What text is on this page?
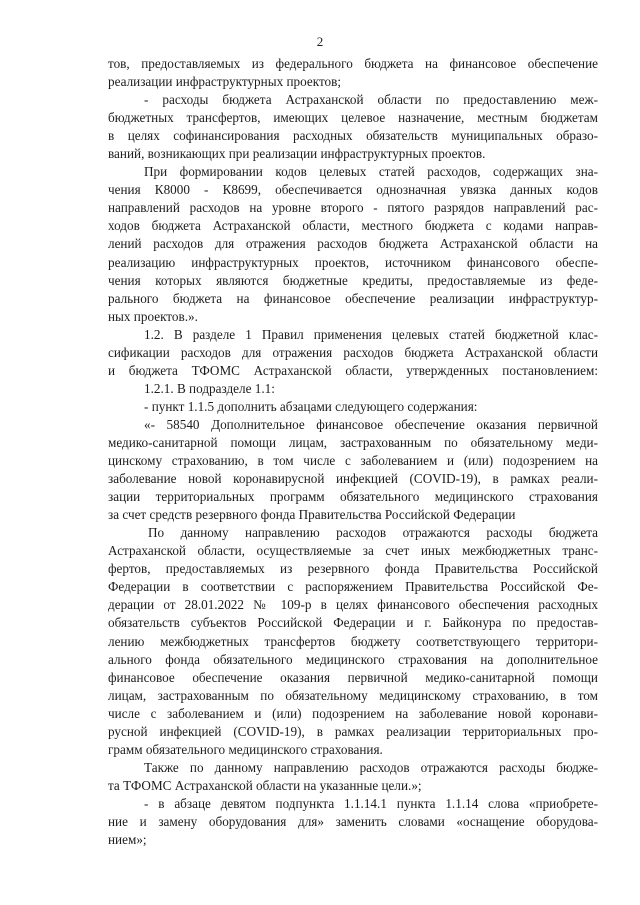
2
тов, предоставляемых из федерального бюджета на финансовое обеспечение
реализации инфраструктурных проектов;
- расходы бюджета Астраханской области по предоставлению меж-
бюджетных трансфертов, имеющих целевое назначение, местным бюджетам
в целях софинансирования расходных обязательств муниципальных образо-
ваний, возникающих при реализации инфраструктурных проектов.
При формировании кодов целевых статей расходов, содержащих зна-
чения К8000 - К8699, обеспечивается однозначная увязка данных кодов
направлений расходов на уровне второго - пятого разрядов направлений рас-
ходов бюджета Астраханской области, местного бюджета с кодами направ-
лений расходов для отражения расходов бюджета Астраханской области на
реализацию инфраструктурных проектов, источником финансового обеспе-
чения которых являются бюджетные кредиты, предоставляемые из феде-
рального бюджета на финансовое обеспечение реализации инфраструктур-
ных проектов.».
1.2. В разделе 1 Правил применения целевых статей бюджетной клас-
сификации расходов для отражения расходов бюджета Астраханской области
и бюджета ТФОМС Астраханской области, утвержденных постановлением:
1.2.1. В подразделе 1.1:
- пункт 1.1.5 дополнить абзацами следующего содержания:
«- 58540 Дополнительное финансовое обеспечение оказания первичной
медико-санитарной помощи лицам, застрахованным по обязательному меди-
цинскому страхованию, в том числе с заболеванием и (или) подозрением на
заболевание новой коронавирусной инфекцией (COVID-19), в рамках реали-
зации территориальных программ обязательного медицинского страхования
за счет средств резервного фонда Правительства Российской Федерации
По данному направлению расходов отражаются расходы бюджета
Астраханской области, осуществляемые за счет иных межбюджетных транс-
фертов, предоставляемых из резервного фонда Правительства Российской
Федерации в соответствии с распоряжением Правительства Российской Фе-
дерации от 28.01.2022 № 109-р в целях финансового обеспечения расходных
обязательств субъектов Российской Федерации и г. Байконура по предостав-
лению межбюджетных трансфертов бюджету соответствующего территори-
ального фонда обязательного медицинского страхования на дополнительное
финансовое обеспечение оказания первичной медико-санитарной помощи
лицам, застрахованным по обязательному медицинскому страхованию, в том
числе с заболеванием и (или) подозрением на заболевание новой коронави-
русной инфекцией (COVID-19), в рамках реализации территориальных про-
грамм обязательного медицинского страхования.
Также по данному направлению расходов отражаются расходы бюдже-
та ТФОМС Астраханской области на указанные цели.»;
- в абзаце девятом подпункта 1.1.14.1 пункта 1.1.14 слова «приобрете-
ние и замену оборудования для» заменить словами «оснащение оборудова-
нием»;
